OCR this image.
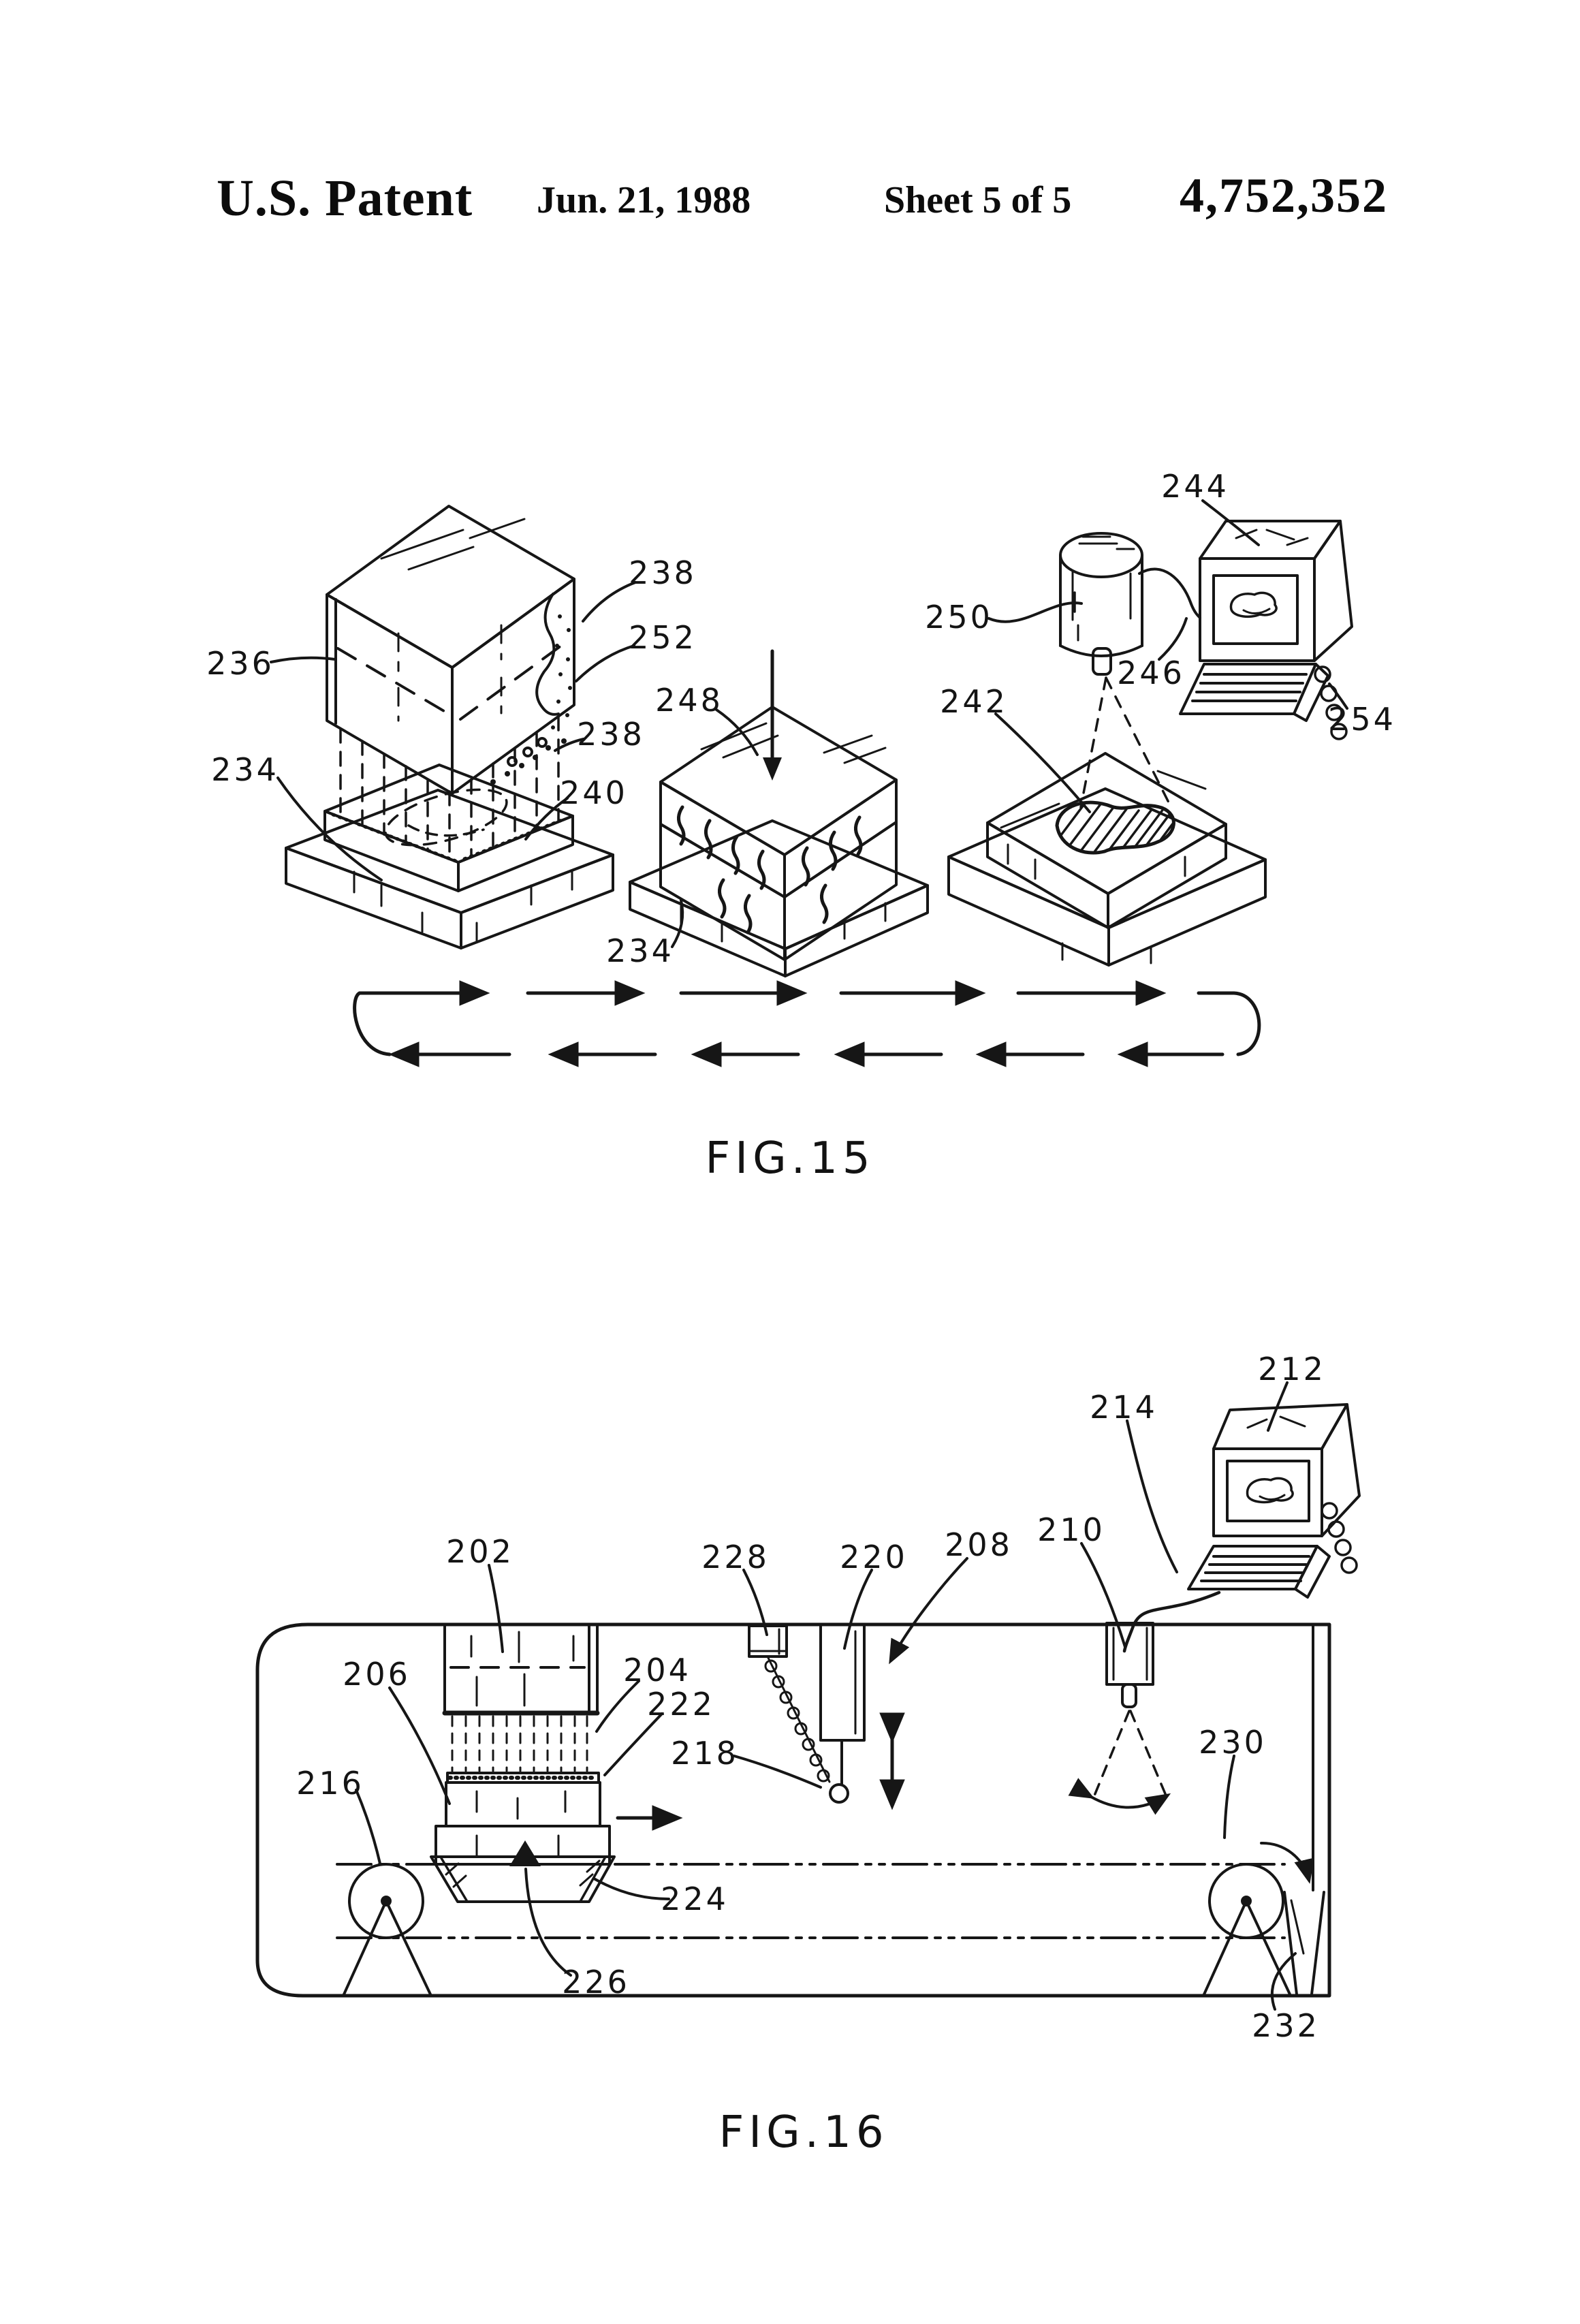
U.S. Patent Jun. 21, 1988	Sheet 5 of 5 4,752,352
236
234
238
252
238
240
248
234
242
250
244
246
254
FIG.15
202
204
206
208 210
212
214
216
218
220
222
224
226
228
230
232
FIG.16
